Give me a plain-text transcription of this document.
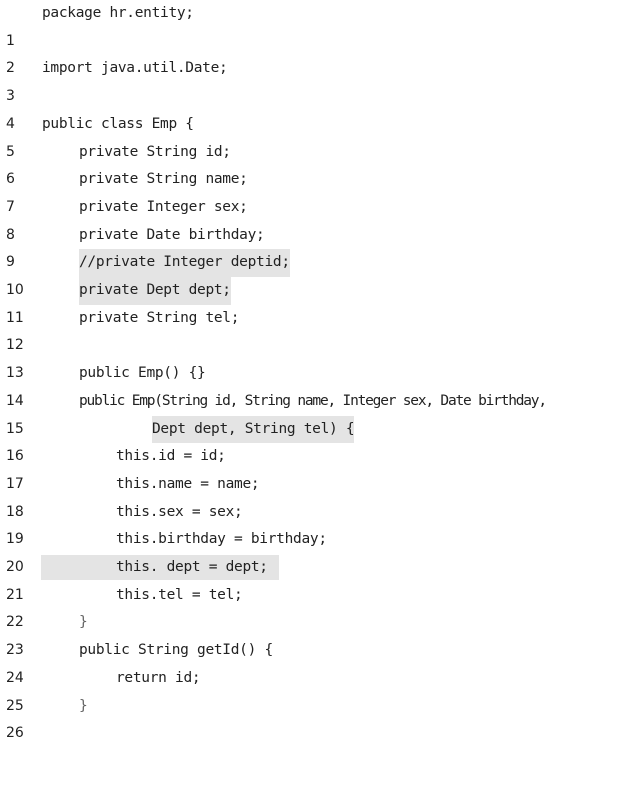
1

package hr.entity;

2

3

import java.util.Date;

4

5

public class Emp {

6

private String id;

7

private String name;

8

private Integer sex;

9

private Date birthday;

10

//private Integer deptid;

11

private Dept dept;

12

private String tel;

13

14

public Emp() {}

15

public Emp(String id, String name, Integer sex, Date birthday,

16

Dept dept, String tel) {

17

this.id = id;

18

this.name = name;

19

this.sex = sex;

20

this.birthday = birthday;

21

this. dept = dept;

22

this.tel = tel;

23

}

24

public String getId() {

25

return id;

26

}
